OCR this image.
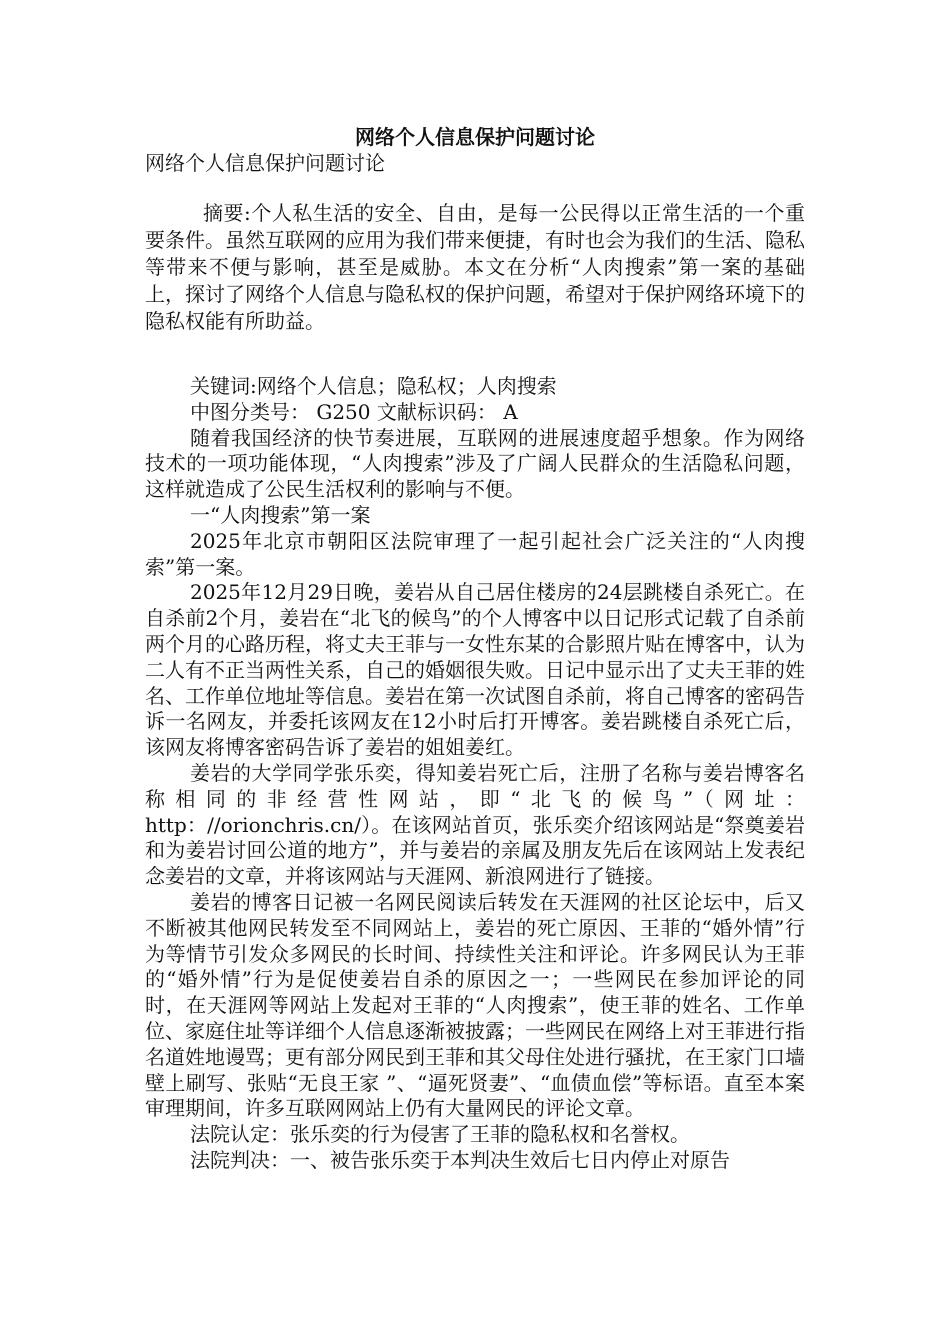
网络个人信息保护问题讨论
网络个人信息保护问题讨论
摘要:个人私生活的安全、自由，是每一公民得以正常生活的一个重要条件。虽然互联网的应用为我们带来便捷，有时也会为我们的生活、隐私等带来不便与影响，甚至是威胁。本文在分析“人肉搜索”第一案的基础上，探讨了网络个人信息与隐私权的保护问题，希望对于保护网络环境下的隐私权能有所助益。

关键词:网络个人信息；隐私权；人肉搜索

中图分类号： G250 文献标识码： A

随着我国经济的快节奏进展，互联网的进展速度超乎想象。作为网络技术的一项功能体现，“人肉搜索”涉及了广阔人民群众的生活隐私问题，这样就造成了公民生活权利的影响与不便。

一“人肉搜索”第一案

2025年北京市朝阳区法院审理了一起引起社会广泛关注的“人肉搜索”第一案。

2025年12月29日晚，姜岩从自己居住楼房的24层跳楼自杀死亡。在自杀前2个月，姜岩在“北飞的候鸟”的个人博客中以日记形式记载了自杀前两个月的心路历程，将丈夫王菲与一女性东某的合影照片贴在博客中，认为二人有不正当两性关系，自己的婚姻很失败。日记中显示出了丈夫王菲的姓名、工作单位地址等信息。姜岩在第一次试图自杀前，将自己博客的密码告诉一名网友，并委托该网友在12小时后打开博客。姜岩跳楼自杀死亡后，该网友将博客密码告诉了姜岩的姐姐姜红。

姜岩的大学同学张乐奕，得知姜岩死亡后，注册了名称与姜岩博客名称相同的非经营性网站，即“北飞的候鸟”（网址：http：//orionchris.cn/）。在该网站首页，张乐奕介绍该网站是“祭奠姜岩和为姜岩讨回公道的地方”，并与姜岩的亲属及朋友先后在该网站上发表纪念姜岩的文章，并将该网站与天涯网、新浪网进行了链接。

姜岩的博客日记被一名网民阅读后转发在天涯网的社区论坛中，后又不断被其他网民转发至不同网站上，姜岩的死亡原因、王菲的“婚外情”行为等情节引发众多网民的长时间、持续性关注和评论。许多网民认为王菲的“婚外情”行为是促使姜岩自杀的原因之一；一些网民在参加评论的同时，在天涯网等网站上发起对王菲的“人肉搜索”，使王菲的姓名、工作单位、家庭住址等详细个人信息逐渐被披露；一些网民在网络上对王菲进行指名道姓地谩骂；更有部分网民到王菲和其父母住处进行骚扰，在王家门口墙壁上刷写、张贴“无良王家 ”、“逼死贤妻”、“血债血偿”等标语。直至本案审理期间，许多互联网网站上仍有大量网民的评论文章。

法院认定：张乐奕的行为侵害了王菲的隐私权和名誉权。

法院判决：一、被告张乐奕于本判决生效后七日内停止对原告
